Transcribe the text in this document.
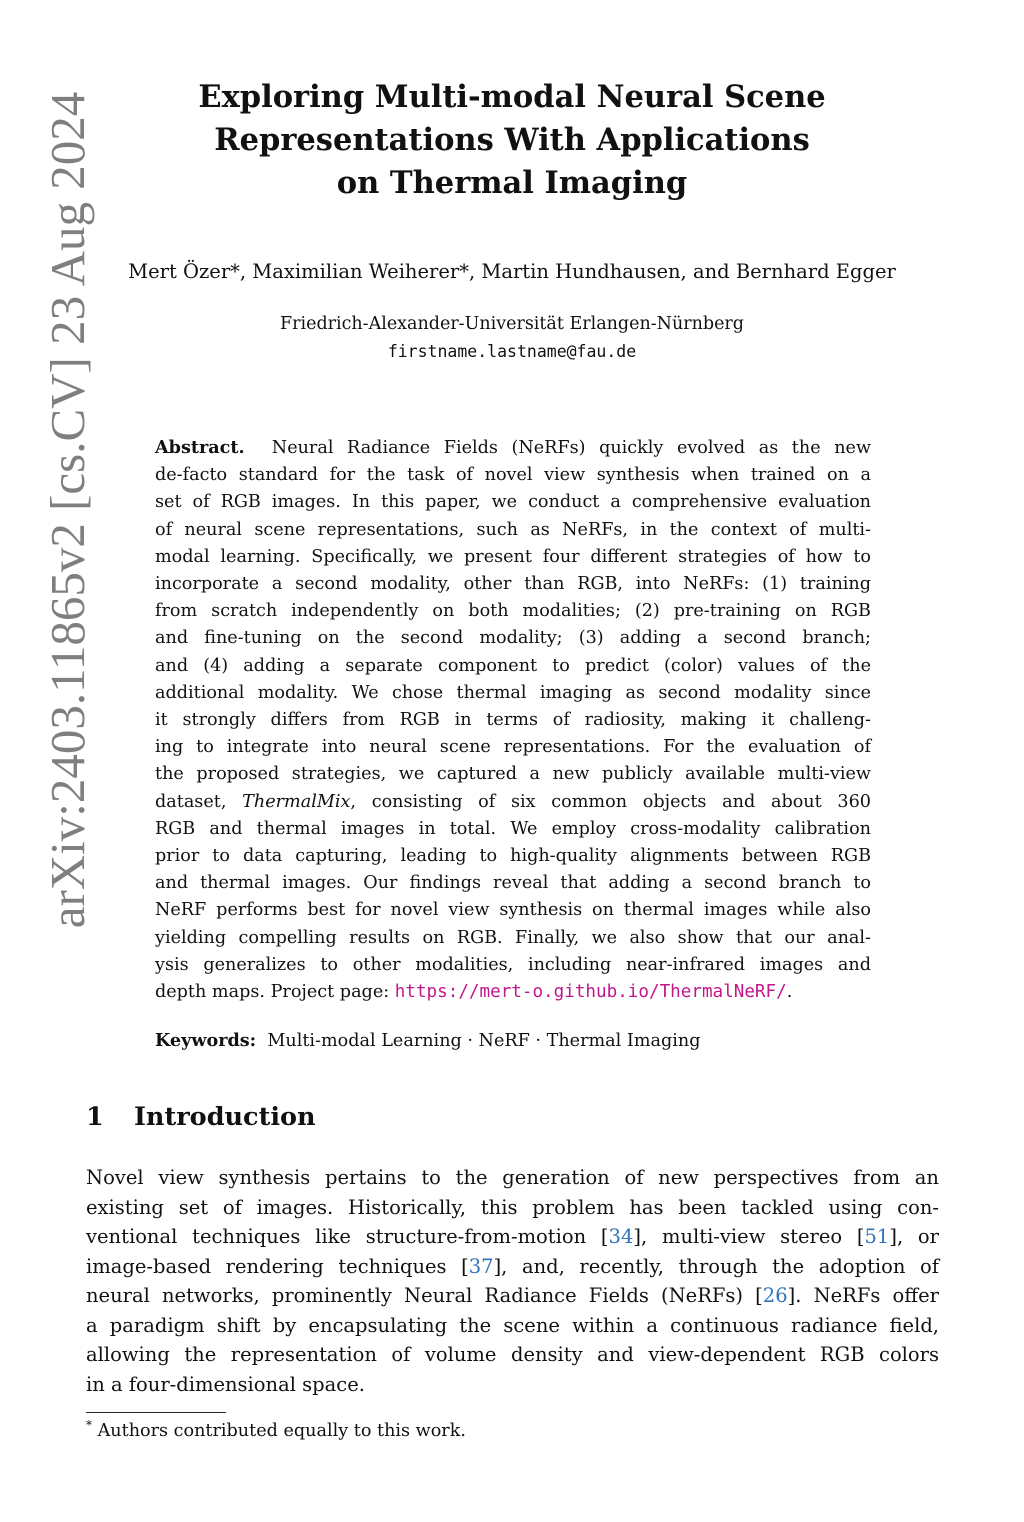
arXiv:2403.11865v2 [cs.CV] 23 Aug 2024	Exploring Multi-modal Neural Scene
Representations With Applications
on Thermal Imaging
Mert Özer*, Maximilian Weiherer*, Martin Hundhausen, and Bernhard Egger
Friedrich-Alexander-Universität Erlangen-Nürnberg
firstname.lastname@fau.de
Abstract. Neural Radiance Fields (NeRFs) quickly evolved as the new
de-facto standard for the task of novel view synthesis when trained on a
set of RGB images. In this paper, we conduct a comprehensive evaluation
of neural scene representations, such as NeRFs, in the context of multi-
modal learning. Specifically, we present four different strategies of how to
incorporate a second modality, other than RGB, into NeRFs: (1) training
from scratch independently on both modalities; (2) pre-training on RGB
and fine-tuning on the second modality; (3) adding a second branch;
and (4) adding a separate component to predict (color) values of the
additional modality. We chose thermal imaging as second modality since
it strongly differs from RGB in terms of radiosity, making it challeng-
ing to integrate into neural scene representations. For the evaluation of
the proposed strategies, we captured a new publicly available multi-view
dataset, ThermalMix, consisting of six common objects and about 360
RGB and thermal images in total. We employ cross-modality calibration
prior to data capturing, leading to high-quality alignments between RGB
and thermal images. Our findings reveal that adding a second branch to
NeRF performs best for novel view synthesis on thermal images while also
yielding compelling results on RGB. Finally, we also show that our anal-
ysis generalizes to other modalities, including near-infrared images and
depth maps. Project page: https://mert-o.github.io/ThermalNeRF/.
Keywords: Multi-modal Learning · NeRF · Thermal Imaging
1 Introduction
Novel view synthesis pertains to the generation of new perspectives from an
existing set of images. Historically, this problem has been tackled using con-
ventional techniques like structure-from-motion [34], multi-view stereo [51], or
image-based rendering techniques [37], and, recently, through the adoption of
neural networks, prominently Neural Radiance Fields (NeRFs) [26]. NeRFs offer
a paradigm shift by encapsulating the scene within a continuous radiance field,
allowing the representation of volume density and view-dependent RGB colors
in a four-dimensional space.
* Authors contributed equally to this work.
